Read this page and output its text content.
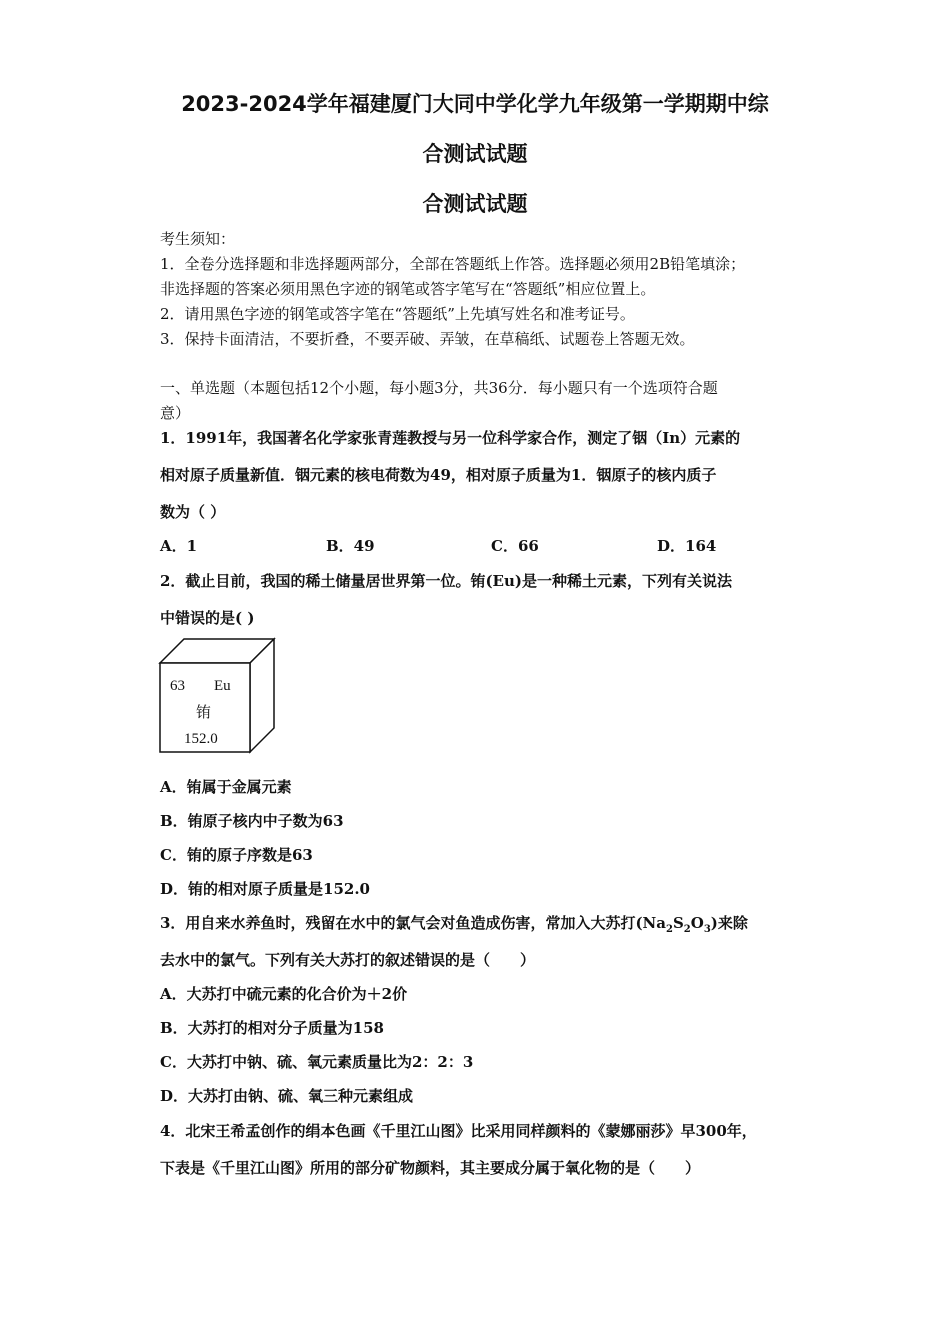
2023-2024学年福建厦门大同中学化学九年级第一学期期中综
合测试试题
合测试试题
考生须知：
1．全卷分选择题和非选择题两部分，全部在答题纸上作答。选择题必须用2B铅笔填涂；
非选择题的答案必须用黑色字迹的钢笔或答字笔写在“答题纸”相应位置上。
2．请用黑色字迹的钢笔或答字笔在“答题纸”上先填写姓名和准考证号。
3．保持卡面清洁，不要折叠，不要弄破、弄皱，在草稿纸、试题卷上答题无效。
一、单选题（本题包括12个小题，每小题3分，共36分．每小题只有一个选项符合题
意）
1．1991年，我国著名化学家张青莲教授与另一位科学家合作，测定了铟（In）元素的
相对原子质量新值．铟元素的核电荷数为49，相对原子质量为1．铟原子的核内质子
数为（ ）
A．1	B．49	C．66	D．164
2．截止目前，我国的稀土储量居世界第一位。铕(Eu)是一种稀土元素，下列有关说法
中错误的是( )
63 Eu
铕
152.0
A．铕属于金属元素
B．铕原子核内中子数为63
C．铕的原子序数是63
D．铕的相对原子质量是152.0
3．用自来水养鱼时，残留在水中的氯气会对鱼造成伤害，常加入大苏打$(Na_2S_2O_3)$来除
去水中的氯气。下列有关大苏打的叙述错误的是（　　）
A．大苏打中硫元素的化合价为＋2价
B．大苏打的相对分子质量为158
C．大苏打中钠、硫、氧元素质量比为2：2：3
D．大苏打由钠、硫、氧三种元素组成
4．北宋王希孟创作的绢本色画《千里江山图》比采用同样颜料的《蒙娜丽莎》早300年，
下表是《千里江山图》所用的部分矿物颜料，其主要成分属于氧化物的是（　　）
